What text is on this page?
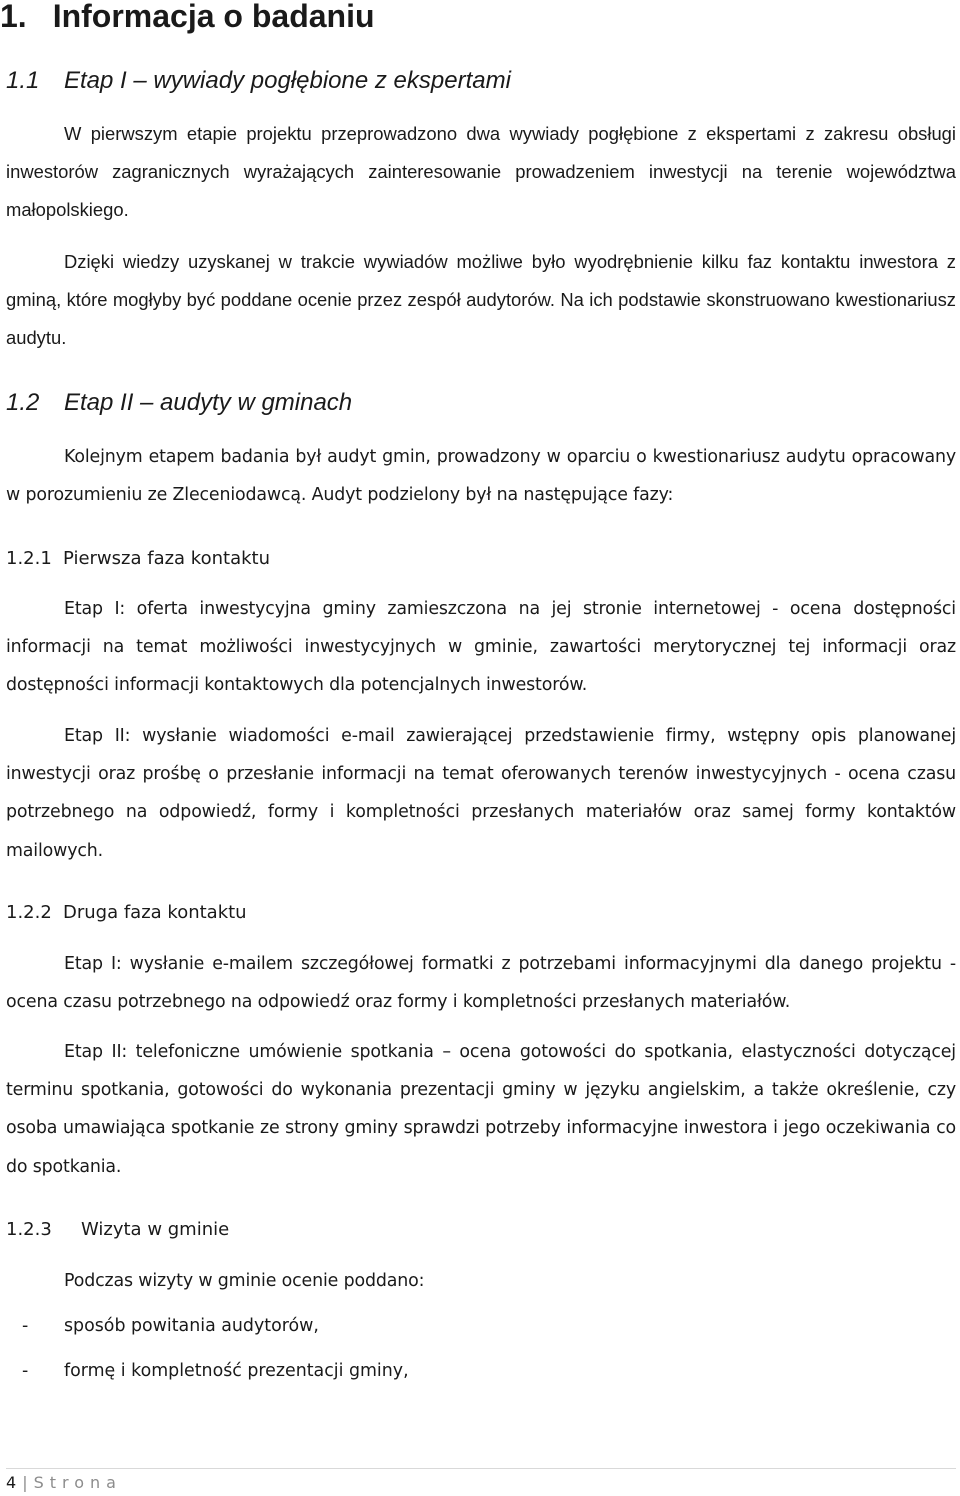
1. Informacja o badaniu
1.1 Etap I – wywiady pogłębione z ekspertami

W pierwszym etapie projektu przeprowadzono dwa wywiady pogłębione z ekspertami z zakresu obsługi inwestorów zagranicznych wyrażających zainteresowanie prowadzeniem inwestycji na terenie województwa małopolskiego.

Dzięki wiedzy uzyskanej w trakcie wywiadów możliwe było wyodrębnienie kilku faz kontaktu inwestora z gminą, które mogłyby być poddane ocenie przez zespół audytorów. Na ich podstawie skonstruowano kwestionariusz audytu.

1.2 Etap II – audyty w gminach

Kolejnym etapem badania był audyt gmin, prowadzony w oparciu o kwestionariusz audytu opracowany w porozumieniu ze Zleceniodawcą. Audyt podzielony był na następujące fazy:

1.2.1 Pierwsza faza kontaktu

Etap I: oferta inwestycyjna gminy zamieszczona na jej stronie internetowej - ocena dostępności informacji na temat możliwości inwestycyjnych w gminie, zawartości merytorycznej tej informacji oraz dostępności informacji kontaktowych dla potencjalnych inwestorów.

Etap II: wysłanie wiadomości e-mail zawierającej przedstawienie firmy, wstępny opis planowanej inwestycji oraz prośbę o przesłanie informacji na temat oferowanych terenów inwestycyjnych - ocena czasu potrzebnego na odpowiedź, formy i kompletności przesłanych materiałów oraz samej formy kontaktów mailowych.

1.2.2 Druga faza kontaktu

Etap I: wysłanie e-mailem szczegółowej formatki z potrzebami informacyjnymi dla danego projektu - ocena czasu potrzebnego na odpowiedź oraz formy i kompletności przesłanych materiałów.

Etap II: telefoniczne umówienie spotkania – ocena gotowości do spotkania, elastyczności dotyczącej terminu spotkania, gotowości do wykonania prezentacji gminy w języku angielskim, a także określenie, czy osoba umawiająca spotkanie ze strony gminy sprawdzi potrzeby informacyjne inwestora i jego oczekiwania co do spotkania.

1.2.3 Wizyta w gminie

Podczas wizyty w gminie ocenie poddano:

- sposób powitania audytorów,
- formę i kompletność prezentacji gminy,
4 | Strona
